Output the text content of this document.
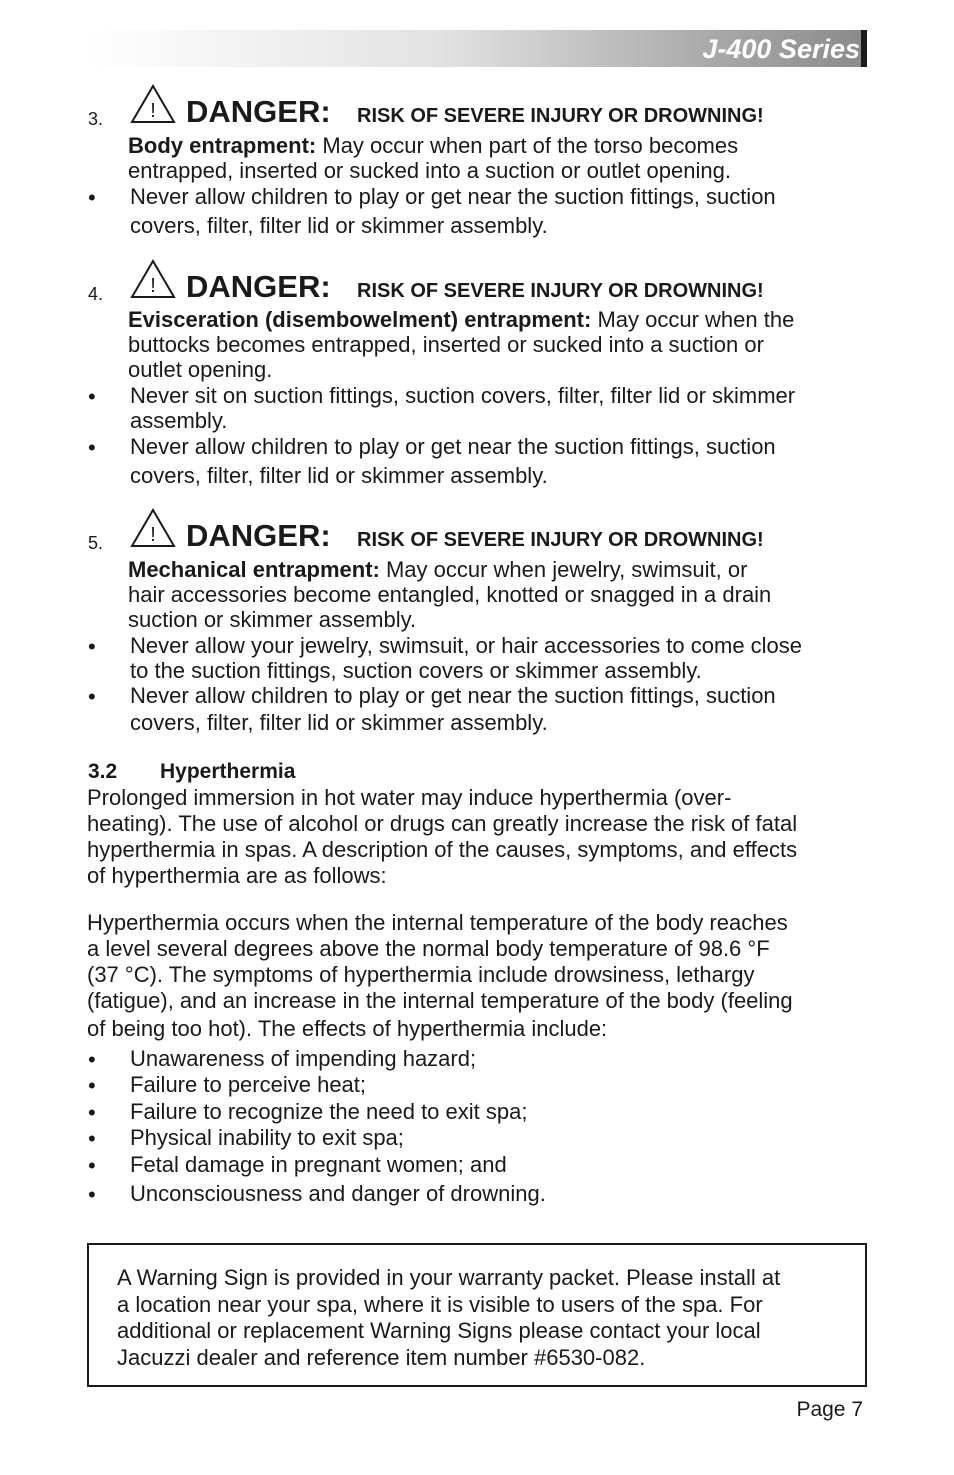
J-400 Series
3. ! DANGER: RISK OF SEVERE INJURY OR DROWNING!
Body entrapment: May occur when part of the torso becomes
entrapped, inserted or sucked into a suction or outlet opening.
• Never allow children to play or get near the suction fittings, suction
covers, filter, filter lid or skimmer assembly.
4. ! DANGER: RISK OF SEVERE INJURY OR DROWNING!
Evisceration (disembowelment) entrapment: May occur when the
buttocks becomes entrapped, inserted or sucked into a suction or
outlet opening.
• Never sit on suction fittings, suction covers, filter, filter lid or skimmer
assembly.
• Never allow children to play or get near the suction fittings, suction
covers, filter, filter lid or skimmer assembly.
5. ! DANGER: RISK OF SEVERE INJURY OR DROWNING!
Mechanical entrapment: May occur when jewelry, swimsuit, or
hair accessories become entangled, knotted or snagged in a drain
suction or skimmer assembly.
• Never allow your jewelry, swimsuit, or hair accessories to come close
to the suction fittings, suction covers or skimmer assembly.
• Never allow children to play or get near the suction fittings, suction
covers, filter, filter lid or skimmer assembly.
3.2 Hyperthermia
Prolonged immersion in hot water may induce hyperthermia (over-
heating). The use of alcohol or drugs can greatly increase the risk of fatal
hyperthermia in spas. A description of the causes, symptoms, and effects
of hyperthermia are as follows:
Hyperthermia occurs when the internal temperature of the body reaches
a level several degrees above the normal body temperature of 98.6 °F
(37 °C). The symptoms of hyperthermia include drowsiness, lethargy
(fatigue), and an increase in the internal temperature of the body (feeling
of being too hot). The effects of hyperthermia include:
• Unawareness of impending hazard;
• Failure to perceive heat;
• Failure to recognize the need to exit spa;
• Physical inability to exit spa;
• Fetal damage in pregnant women; and
• Unconsciousness and danger of drowning.
A Warning Sign is provided in your warranty packet. Please install at
a location near your spa, where it is visible to users of the spa. For
additional or replacement Warning Signs please contact your local
Jacuzzi dealer and reference item number #6530-082.
Page 7
